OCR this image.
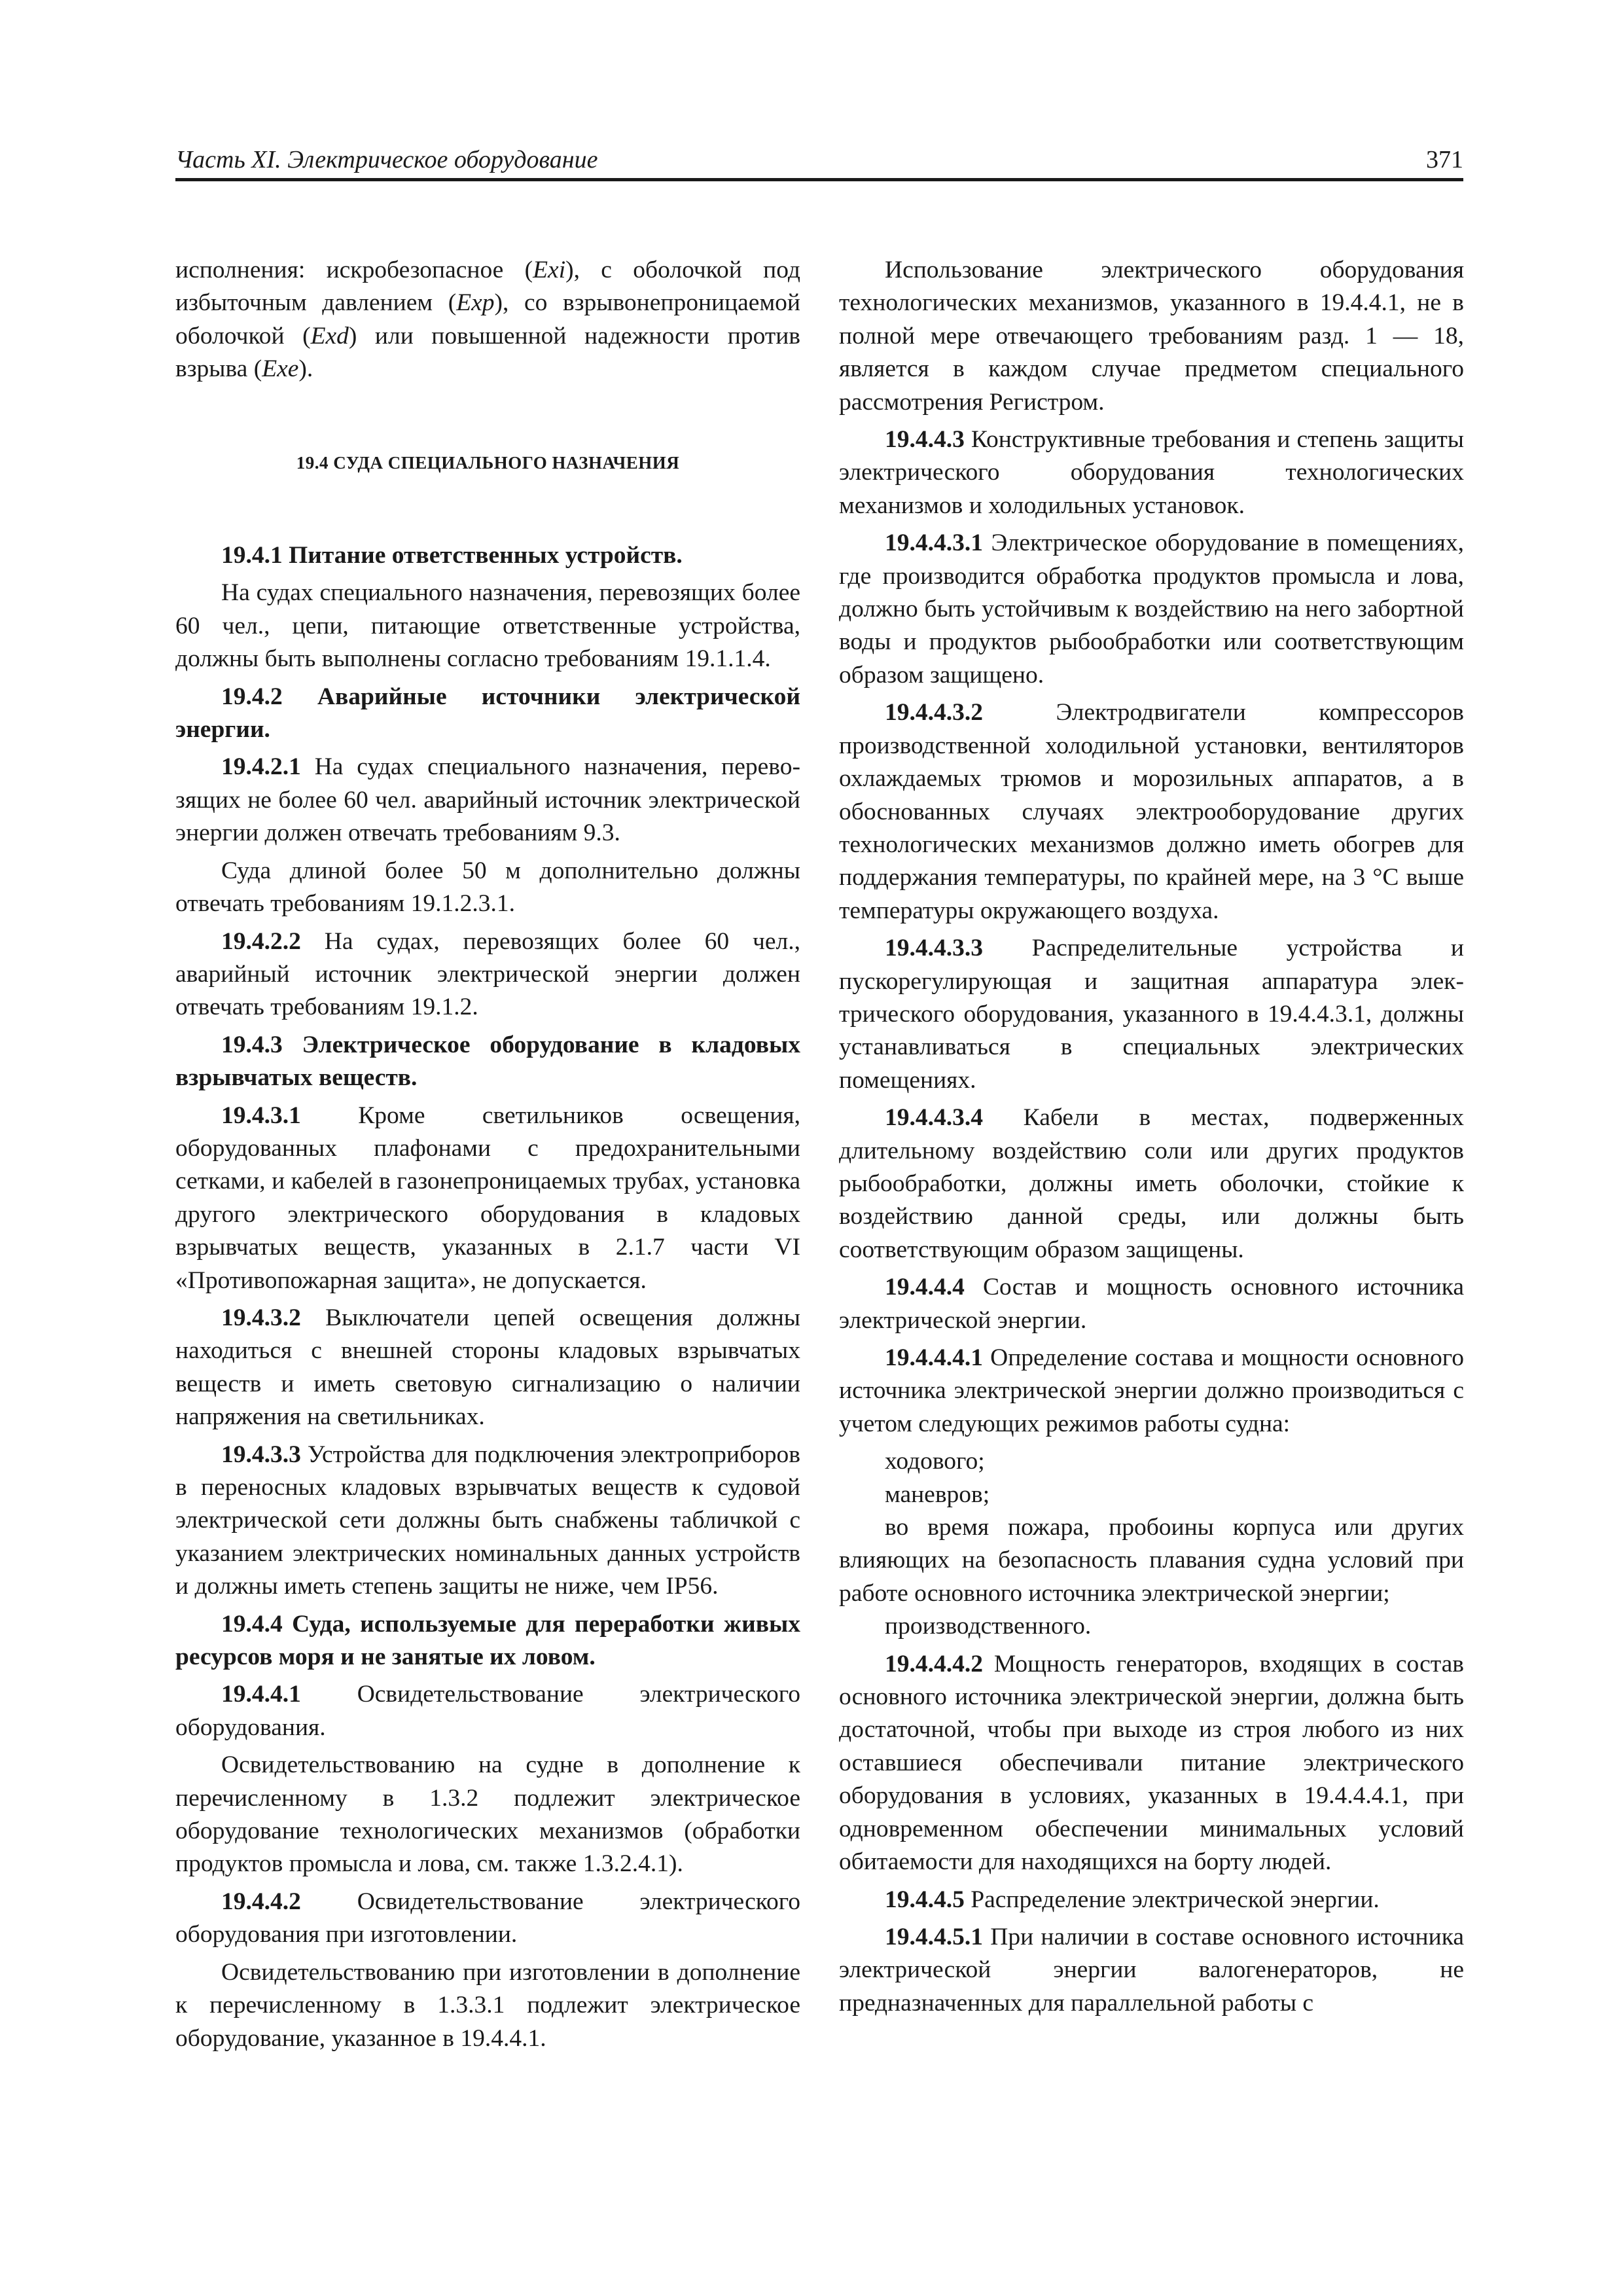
Часть XI. Электрическое оборудование	371

исполнения: искробезопасное (Exi), с оболочкой под избыточным давлением (Exp), со взрывонепроницаемой оболочкой (Exd) или повышенной надежности против взрыва (Exe).

19.4 СУДА СПЕЦИАЛЬНОГО НАЗНАЧЕНИЯ

19.4.1 Питание ответственных устройств.

На судах специального назначения, перевозящих более 60 чел., цепи, питающие ответственные устройства, должны быть выполнены согласно требованиям 19.1.1.4.

19.4.2 Аварийные источники электрической энергии.

19.4.2.1 На судах специального назначения, перевозящих не более 60 чел. аварийный источник электрической энергии должен отвечать требованиям 9.3.

Суда длиной более 50 м дополнительно должны отвечать требованиям 19.1.2.3.1.

19.4.2.2 На судах, перевозящих более 60 чел., аварийный источник электрической энергии должен отвечать требованиям 19.1.2.

19.4.3 Электрическое оборудование в кладовых взрывчатых веществ.

19.4.3.1 Кроме светильников освещения, оборудованных плафонами с предохранительными сетками, и кабелей в газонепроницаемых трубах, установка другого электрического оборудования в кладовых взрывчатых веществ, указанных в 2.1.7 части VI «Противопожарная защита», не допускается.

19.4.3.2 Выключатели цепей освещения должны находиться с внешней стороны кладовых взрывчатых веществ и иметь световую сигнализацию о наличии напряжения на светильниках.

19.4.3.3 Устройства для подключения электроприборов в переносных кладовых взрывчатых веществ к судовой электрической сети должны быть снабжены табличкой с указанием электрических номинальных данных устройств и должны иметь степень защиты не ниже, чем IP56.

19.4.4 Суда, используемые для переработки живых ресурсов моря и не занятые их ловом.

19.4.4.1 Освидетельствование электрического оборудования.

Освидетельствованию на судне в дополнение к перечисленному в 1.3.2 подлежит электрическое оборудование технологических механизмов (обработки продуктов промысла и лова, см. также 1.3.2.4.1).

19.4.4.2 Освидетельствование электрического оборудования при изготовлении.

Освидетельствованию при изготовлении в дополнение к перечисленному в 1.3.3.1 подлежит электрическое оборудование, указанное в 19.4.4.1.

Использование электрического оборудования технологических механизмов, указанного в 19.4.4.1, не в полной мере отвечающего требованиям разд. 1 — 18, является в каждом случае предметом специального рассмотрения Регистром.

19.4.4.3 Конструктивные требования и степень защиты электрического оборудования технологических механизмов и холодильных установок.

19.4.4.3.1 Электрическое оборудование в помещениях, где производится обработка продуктов промысла и лова, должно быть устойчивым к воздействию на него забортной воды и продуктов рыбообработки или соответствующим образом защищено.

19.4.4.3.2 Электродвигатели компрессоров производственной холодильной установки, вентиляторов охлаждаемых трюмов и морозильных аппаратов, а в обоснованных случаях электрооборудование других технологических механизмов должно иметь обогрев для поддержания температуры, по крайней мере, на 3 °С выше температуры окружающего воздуха.

19.4.4.3.3 Распределительные устройства и пускорегулирующая и защитная аппаратура электрического оборудования, указанного в 19.4.4.3.1, должны устанавливаться в специальных электрических помещениях.

19.4.4.3.4 Кабели в местах, подверженных длительному воздействию соли или других продуктов рыбообработки, должны иметь оболочки, стойкие к воздействию данной среды, или должны быть соответствующим образом защищены.

19.4.4.4 Состав и мощность основного источника электрической энергии.

19.4.4.4.1 Определение состава и мощности основного источника электрической энергии должно производиться с учетом следующих режимов работы судна:

ходового;

маневров;

во время пожара, пробоины корпуса или других влияющих на безопасность плавания судна условий при работе основного источника электрической энергии;

производственного.

19.4.4.4.2 Мощность генераторов, входящих в состав основного источника электрической энергии, должна быть достаточной, чтобы при выходе из строя любого из них оставшиеся обеспечивали питание электрического оборудования в условиях, указанных в 19.4.4.4.1, при одновременном обеспечении минимальных условий обитаемости для находящихся на борту людей.

19.4.4.5 Распределение электрической энергии.

19.4.4.5.1 При наличии в составе основного источника электрической энергии валогенераторов, не предназначенных для параллельной работы с
